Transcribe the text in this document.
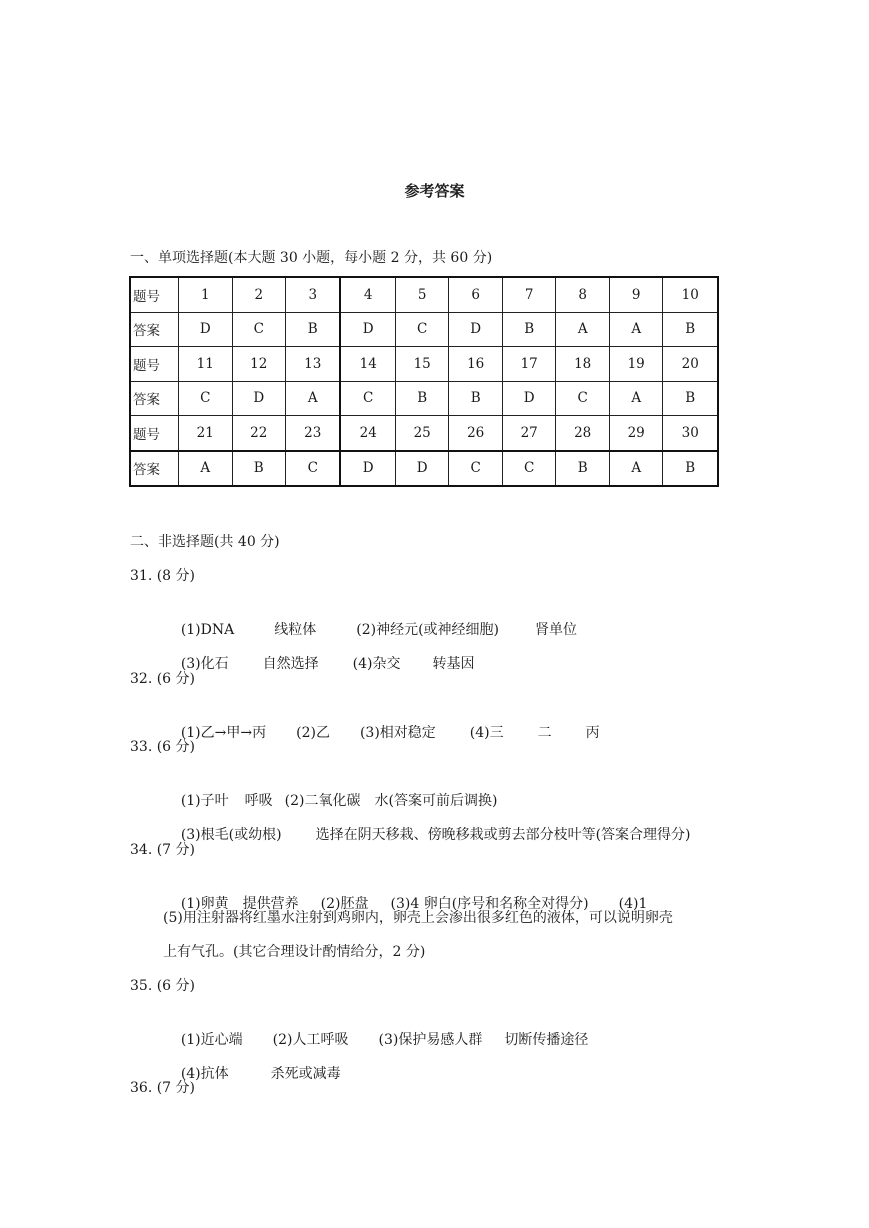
参考答案
一、单项选择题(本大题 30 小题，每小题 2 分，共 60 分)
题号	1	2	3	4	5	6	7	8	9	10
答案	D	C	B	D	C	D	B	A	A	B
题号	11	12	13	14	15	16	17	18	19	20
答案	C	D	A	C	B	B	D	C	A	B
题号	21	22	23	24	25	26	27	28	29	30
答案	A	B	C	D	D	C	C	B	A	B
二、非选择题(共 40 分)
31. (8 分)

(1)DNA	线粒体	(2)神经元(或神经细胞)	肾单位

(3)化石 自然选择 (4)杂交 转基因

32. (6 分)

(1)乙→甲→丙 (2)乙 (3)相对稳定 (4)三 二 丙

33. (6 分)

(1)子叶 呼吸 (2)二氧化碳 水(答案可前后调换)

(3)根毛(或幼根) 选择在阴天移栽、傍晚移栽或剪去部分枝叶等(答案合理得分)

34. (7 分)

(1)卵黄 提供营养 (2)胚盘 (3)4 卵白(序号和名称全对得分) (4)1

(5)用注射器将红墨水注射到鸡卵内，卵壳上会渗出很多红色的液体，可以说明卵壳
上有气孔。(其它合理设计酌情给分，2 分)
35. (6 分)

(1)近心端 (2)人工呼吸 (3)保护易感人群 切断传播途径

(4)抗体	杀死或减毒

36. (7 分)
